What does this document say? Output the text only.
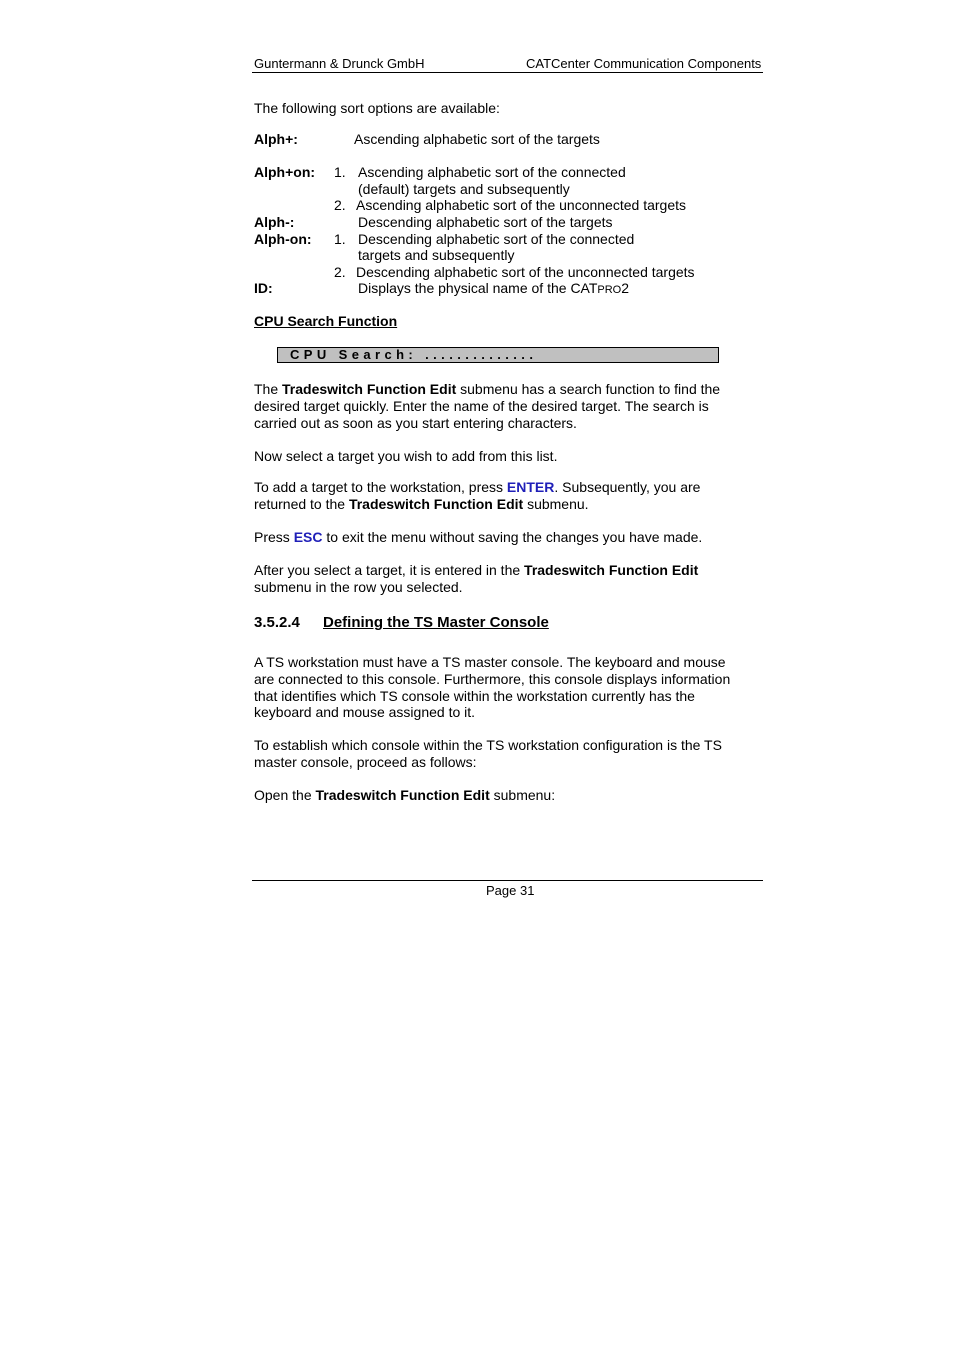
Guntermann & Drunck GmbH	CATCenter Communication Components
The following sort options are available:
Alph+:	Ascending alphabetic sort of the targets
Alph+on: 1. Ascending alphabetic sort of the connected
(default) targets and subsequently
2. Ascending alphabetic sort of the unconnected targets
Alph-:	Descending alphabetic sort of the targets
Alph-on: 1. Descending alphabetic sort of the connected
targets and subsequently
2. Descending alphabetic sort of the unconnected targets
ID:	Displays the physical name of the CATPRO2
CPU Search Function
CPU Search: ..............
The Tradeswitch Function Edit submenu has a search function to find the
desired target quickly. Enter the name of the desired target. The search is
carried out as soon as you start entering characters.
Now select a target you wish to add from this list.
To add a target to the workstation, press ENTER. Subsequently, you are
returned to the Tradeswitch Function Edit submenu.
Press ESC to exit the menu without saving the changes you have made.
After you select a target, it is entered in the Tradeswitch Function Edit
submenu in the row you selected.
3.5.2.4 Defining the TS Master Console
A TS workstation must have a TS master console. The keyboard and mouse
are connected to this console. Furthermore, this console displays information
that identifies which TS console within the workstation currently has the
keyboard and mouse assigned to it.
To establish which console within the TS workstation configuration is the TS
master console, proceed as follows:
Open the Tradeswitch Function Edit submenu:
Page 31
